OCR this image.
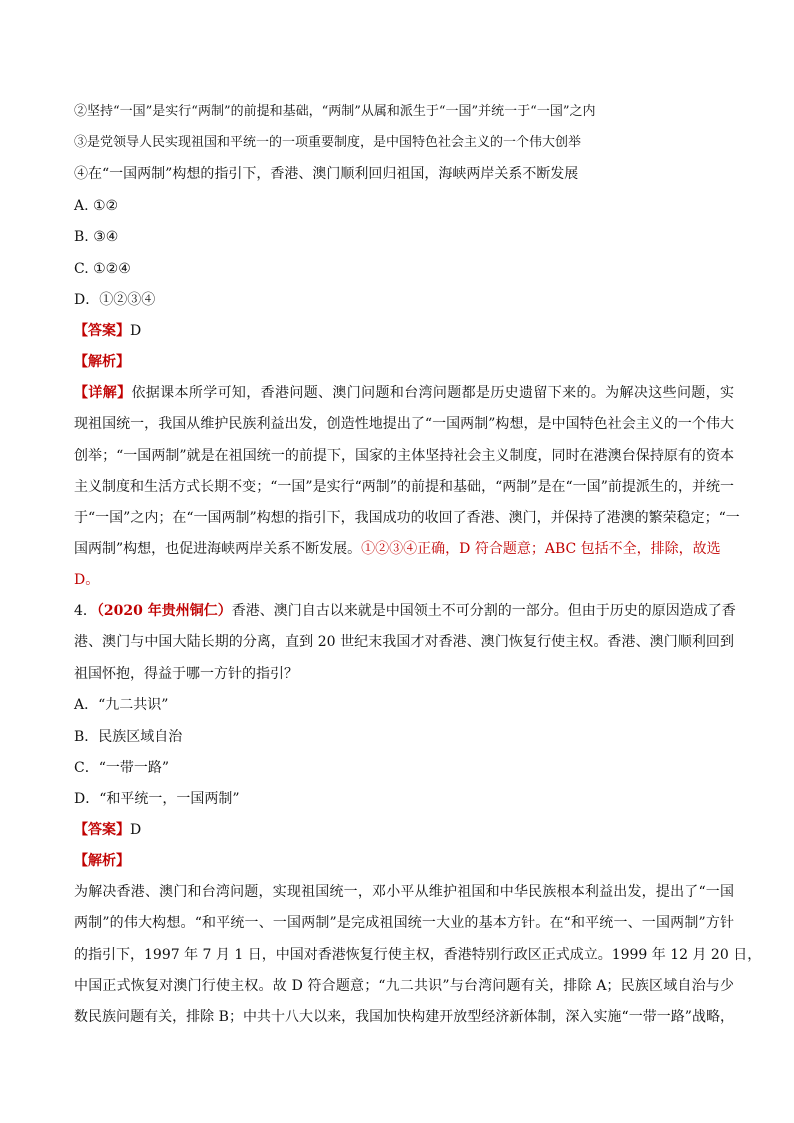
②坚持“一国”是实行“两制”的前提和基础，“两制”从属和派生于“一国”并统一于“一国”之内
③是党领导人民实现祖国和平统一的一项重要制度，是中国特色社会主义的一个伟大创举
④在“一国两制”构想的指引下，香港、澳门顺利回归祖国，海峡两岸关系不断发展
A. ①②
B. ③④
C. ①②④
D．①②③④
【答案】D
【解析】
【详解】依据课本所学可知，香港问题、澳门问题和台湾问题都是历史遗留下来的。为解决这些问题，实
现祖国统一，我国从维护民族利益出发，创造性地提出了“一国两制”构想，是中国特色社会主义的一个伟大
创举；“一国两制”就是在祖国统一的前提下，国家的主体坚持社会主义制度，同时在港澳台保持原有的资本
主义制度和生活方式长期不变；“一国”是实行“两制”的前提和基础，“两制”是在“一国”前提派生的，并统一
于“一国”之内；在“一国两制”构想的指引下，我国成功的收回了香港、澳门，并保持了港澳的繁荣稳定；“一
国两制”构想，也促进海峡两岸关系不断发展。①②③④正确，D 符合题意；ABC 包括不全，排除，故选
D。
4．（2020 年贵州铜仁）香港、澳门自古以来就是中国领土不可分割的一部分。但由于历史的原因造成了香
港、澳门与中国大陆长期的分离，直到 20 世纪末我国才对香港、澳门恢复行使主权。香港、澳门顺利回到
祖国怀抱，得益于哪一方针的指引？
A．“九二共识”
B．民族区域自治
C．“一带一路”
D．“和平统一，一国两制”
【答案】D
【解析】
为解决香港、澳门和台湾问题，实现祖国统一，邓小平从维护祖国和中华民族根本利益出发，提出了“一国
两制”的伟大构想。“和平统一、一国两制”是完成祖国统一大业的基本方针。在“和平统一、一国两制”方针
的指引下，1997 年 7 月 1 日，中国对香港恢复行使主权，香港特别行政区正式成立。1999 年 12 月 20 日，
中国正式恢复对澳门行使主权。故 D 符合题意；“九二共识”与台湾问题有关，排除 A；民族区域自治与少
数民族问题有关，排除 B；中共十八大以来，我国加快构建开放型经济新体制，深入实施“一带一路”战略，
